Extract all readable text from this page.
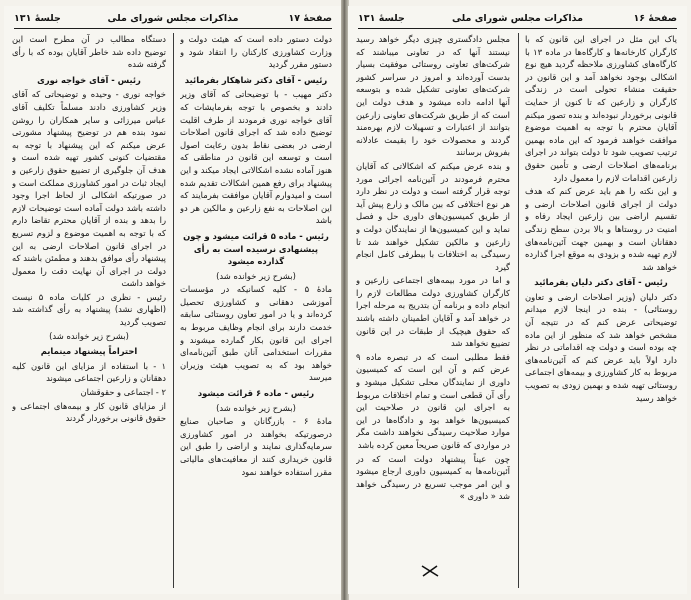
صفحهٔ ۱۷
مذاکرات مجلس شورای ملی
جلسهٔ ۱۳۱

دولت دستور داده است که هیئت دولت و وزارت کشاورزی کارکنان را انتقاد شود و دستور مقرر گردید

رئیس - آقای دکتر شاهکار بفرمائید

دکتر مهیب - با توضیحاتی که آقای وزیر دادند و بخصوص با توجه بفرمایشات که آقای خواجه نوری فرمودند از طرف اقلیت توضیح داده شد که اجرای قانون اصلاحات ارضی در بعضی نقاط بدون رعایت اصول است و توسعه این قانون در مناطقی که هنوز آماده نشده اشکالاتی ایجاد میکند و این پیشنهاد برای رفع همین اشکالات تقدیم شده است و امیدوارم آقایان موافقت بفرمایند که این اصلاحات به نفع زارعین و مالکین هر دو باشد

رئیس - ماده ۵ قرائت میشود و چون پیشنهادی نرسیده است به رأی گذارده میشود

(بشرح زیر خوانده شد)

مادهٔ ۵ - کلیه کسانیکه در مؤسسات آموزشی دهقانی و کشاورزی تحصیل کرده‌اند و یا در امور تعاون روستائی سابقه خدمت دارند برای انجام وظایف مربوط به اجرای این قانون بکار گمارده میشوند و مقررات استخدامی آنان طبق آئین‌نامه‌ای خواهد بود که به تصویب هیئت وزیران میرسد

رئیس - ماده ۶ قرائت میشود

(بشرح زیر خوانده شد)

مادهٔ ۶ - بازرگانان و صاحبان صنایع درصورتیکه بخواهند در امور کشاورزی سرمایه‌گذاری نمایند و اراضی را طبق این قانون خریداری کنند از معافیت‌های مالیاتی مقرر استفاده خواهند نمود

دستگاه مطالب در آن مطرح است این توضیح داده شد خاطر آقایان بوده که با رأی گرفته شده

رئیس - آقای خواجه نوری

خواجه نوری - وحیده و توضیحاتی که آقای وزیر کشاورزی دادند مسلماً تکلیف آقای عباس میرزائی و سایر همکاران را روشن نمود بنده هم در توضیح پیشنهاد مشورتی عرض میکنم که این پیشنهاد با توجه به مقتضیات کنونی کشور تهیه شده است و هدف آن جلوگیری از تضییع حقوق زارعین و ایجاد ثبات در امور کشاورزی مملکت است و در صورتیکه اشکالی از لحاظ اجرا وجود داشته باشد دولت آماده است توضیحات لازم را بدهد و بنده از آقایان محترم تقاضا دارم که با توجه به اهمیت موضوع و لزوم تسریع در اجرای قانون اصلاحات ارضی به این پیشنهاد رأی موافق بدهند و مطمئن باشند که دولت در اجرای آن نهایت دقت را معمول خواهد داشت

رئیس - نظری در کلیات ماده ۵ نیست (اظهاری نشد) پیشنهاد به رأی گذاشته شد تصویب گردید

(بشرح زیر خوانده شد)

احتراماً پیشنهاد مینمایم

۱ - با استفاده از مزایای این قانون کلیه دهقانان و زارعین اجتماعی میشوند

۲ - اجتماعی و حقوقشان

از مزایای قانون کار و بیمه‌های اجتماعی و حقوق قانونی برخوردار گردند

صفحهٔ ۱۶
مذاکرات مجلس شورای ملی
جلسهٔ ۱۳۱

یاک این مثل در اجرای این قانون که با کارگران کارخانه‌ها و کارگاه‌ها در ماده ۱۳ با کارگاه‌های کشاورزی ملاحظه گردید هیچ نوع اشکالی بوجود نخواهد آمد و این قانون در حقیقت منشاء تحولی است در زندگی کارگران و زارعین که تا کنون از حمایت قانونی برخوردار نبوده‌اند و بنده تصور میکنم آقایان محترم با توجه به اهمیت موضوع موافقت خواهند فرمود که این ماده بهمین ترتیب تصویب شود تا دولت بتواند در اجرای برنامه‌های اصلاحات ارضی و تأمین حقوق زارعین اقدامات لازم را معمول دارد

و این نکته را هم باید عرض کنم که هدف دولت از اجرای قانون اصلاحات ارضی و تقسیم اراضی بین زارعین ایجاد رفاه و امنیت در روستاها و بالا بردن سطح زندگی دهقانان است و بهمین جهت آئین‌نامه‌های لازم تهیه شده و بزودی به موقع اجرا گذارده خواهد شد

رئیس - آقای دکتر دلیان بفرمائید

دکتر دلیان (وزیر اصلاحات ارضی و تعاون روستائی) - بنده در اینجا لازم میدانم توضیحاتی عرض کنم که در نتیجه آن مشخص خواهد شد که منظور از این ماده چه بوده است و دولت چه اقداماتی در نظر دارد اولاً باید عرض کنم که آئین‌نامه‌های مربوط به کار کشاورزی و بیمه‌های اجتماعی روستائی تهیه شده و بهمین زودی به تصویب خواهد رسید

مجلس دادگستری چیزی دیگر خواهد رسید نیستند آنها که در تعاونی میباشند که شرکت‌های تعاونی روستائی موفقیت بسیار بدست آورده‌اند و امروز در سراسر کشور شرکت‌های تعاونی تشکیل شده و بتوسعه آنها ادامه داده میشود و هدف دولت این است که از طریق شرکت‌های تعاونی زارعین بتوانند از اعتبارات و تسهیلات لازم بهره‌مند گردند و محصولات خود را بقیمت عادلانه بفروش برسانند

و بنده عرض میکنم که اشکالاتی که آقایان محترم فرمودند در آئین‌نامه اجرائی مورد توجه قرار گرفته است و دولت در نظر دارد هر نوع اختلافی که بین مالک و زارع پیش آید از طریق کمیسیون‌های داوری حل و فصل نماید و این کمیسیون‌ها از نمایندگان دولت و زارعین و مالکین تشکیل خواهند شد تا رسیدگی به اختلافات با بیطرفی کامل انجام گیرد

و اما در مورد بیمه‌های اجتماعی زارعین و کارگران کشاورزی دولت مطالعات لازم را انجام داده و برنامه آن بتدریج به مرحله اجرا در خواهد آمد و آقایان اطمینان داشته باشند که حقوق هیچیک از طبقات در این قانون تضییع نخواهد شد

فقط مطلبی است که در تبصره ماده ۹ عرض کنم و آن این است که کمیسیون داوری از نمایندگان محلی تشکیل میشود و رأی آن قطعی است و تمام اختلافات مربوط به اجرای این قانون در صلاحیت این کمیسیون‌ها خواهد بود و دادگاه‌ها در این موارد صلاحیت رسیدگی نخواهند داشت مگر در مواردی که قانون صریحاً معین کرده باشد

چون عیناً پیشنهاد دولت است که در آئین‌نامه‌ها به کمیسیون داوری ارجاع میشود و این امر موجب تسریع در رسیدگی خواهد شد « داوری »
